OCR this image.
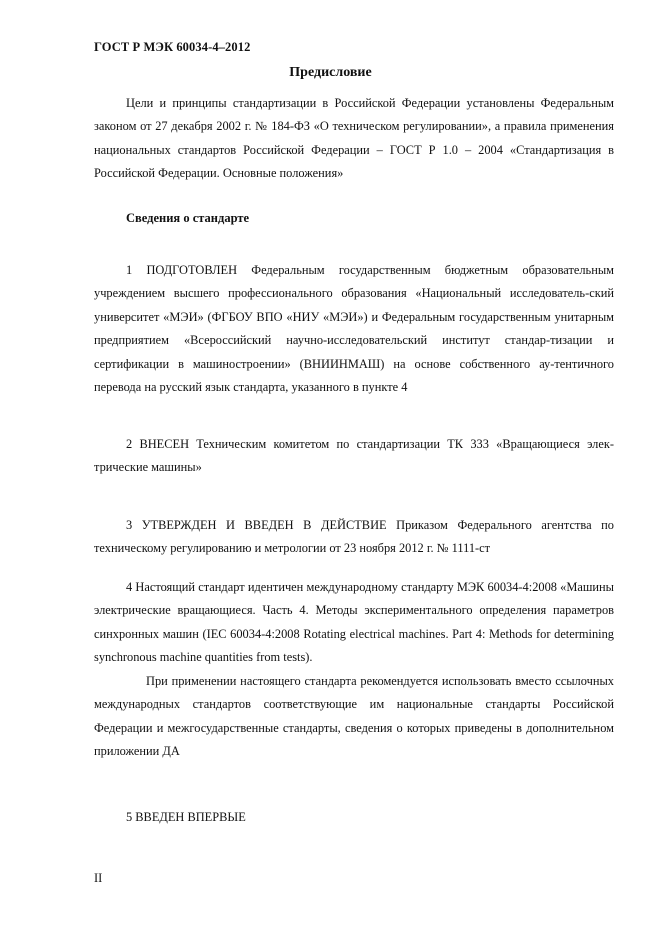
ГОСТ Р МЭК 60034-4–2012
Предисловие

Цели и принципы стандартизации в Российской Федерации установлены Федеральным законом от 27 декабря 2002 г. № 184-ФЗ «О техническом регулировании», а правила применения национальных стандартов Российской Федерации – ГОСТ Р 1.0 – 2004 «Стандартизация в Российской Федерации. Основные положения»

Сведения о стандарте

1 ПОДГОТОВЛЕН Федеральным государственным бюджетным образовательным учреждением высшего профессионального образования «Национальный исследователь-ский университет «МЭИ» (ФГБОУ ВПО «НИУ «МЭИ») и Федеральным государственным унитарным предприятием «Всероссийский научно-исследовательский институт стандар-тизации и сертификации в машиностроении» (ВНИИНМАШ) на основе собственного ау-тентичного перевода на русский язык стандарта, указанного в пункте 4

2 ВНЕСЕН Техническим комитетом по стандартизации ТК 333 «Вращающиеся элек-трические машины»

3 УТВЕРЖДЕН И ВВЕДЕН В ДЕЙСТВИЕ Приказом Федерального агентства по техническому регулированию и метрологии от 23 ноября 2012 г. № 1111-ст

4 Настоящий стандарт идентичен международному стандарту МЭК 60034-4:2008 «Машины электрические вращающиеся. Часть 4. Методы экспериментального определения параметров синхронных машин (IEC 60034-4:2008 Rotating electrical machines. Part 4: Methods for determining synchronous machine quantities from tests).

При применении настоящего стандарта рекомендуется использовать вместо ссылочных международных стандартов соответствующие им национальные стандарты Российской Федерации и межгосударственные стандарты, сведения о которых приведены в дополнительном приложении ДА

5 ВВЕДЕН ВПЕРВЫЕ
II
